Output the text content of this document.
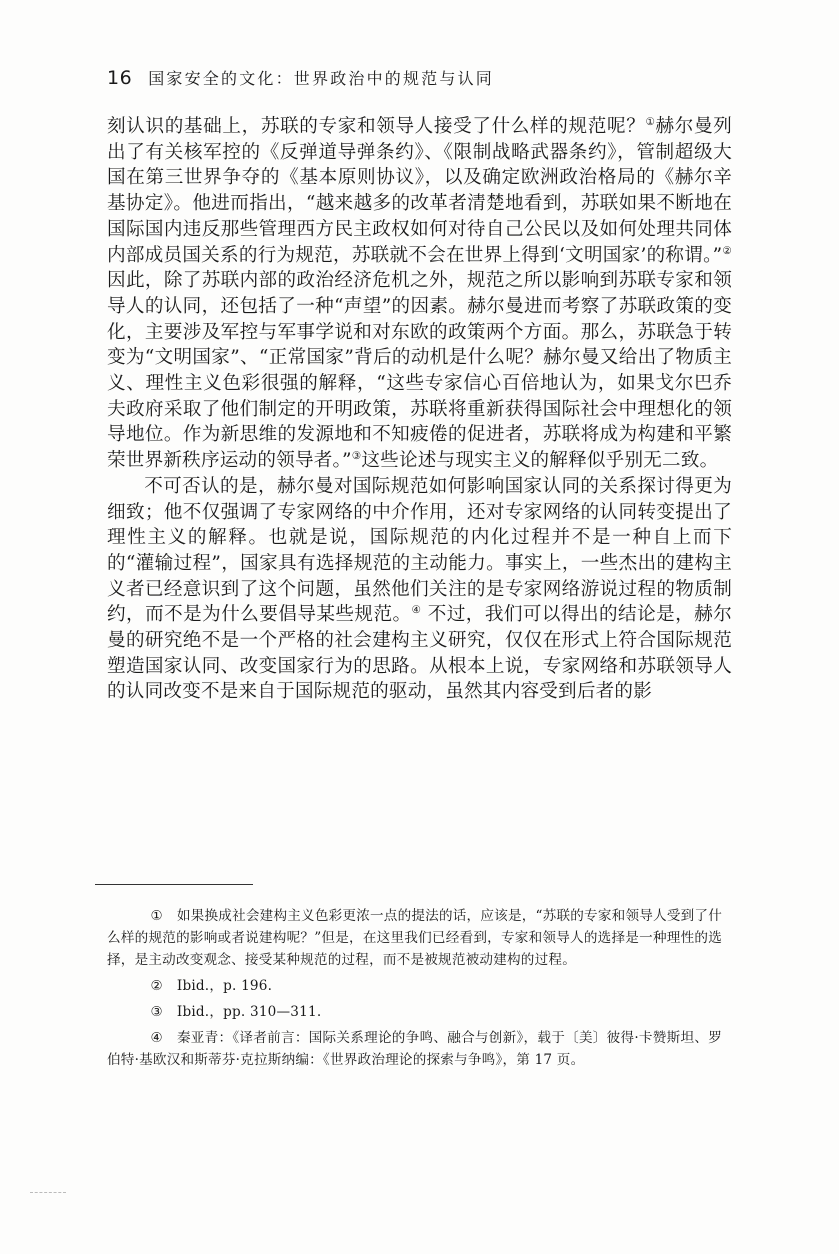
16 国家安全的文化：世界政治中的规范与认同

刻认识的基础上，苏联的专家和领导人接受了什么样的规范呢？①赫尔曼列出了有关核军控的《反弹道导弹条约》、《限制战略武器条约》，管制超级大国在第三世界争夺的《基本原则协议》，以及确定欧洲政治格局的《赫尔辛基协定》。他进而指出，“越来越多的改革者清楚地看到，苏联如果不断地在国际国内违反那些管理西方民主政权如何对待自己公民以及如何处理共同体内部成员国关系的行为规范，苏联就不会在世界上得到‘文明国家’的称谓。”②因此，除了苏联内部的政治经济危机之外，规范之所以影响到苏联专家和领导人的认同，还包括了一种“声望”的因素。赫尔曼进而考察了苏联政策的变化，主要涉及军控与军事学说和对东欧的政策两个方面。那么，苏联急于转变为“文明国家”、“正常国家”背后的动机是什么呢？赫尔曼又给出了物质主义、理性主义色彩很强的解释，“这些专家信心百倍地认为，如果戈尔巴乔夫政府采取了他们制定的开明政策，苏联将重新获得国际社会中理想化的领导地位。作为新思维的发源地和不知疲倦的促进者，苏联将成为构建和平繁荣世界新秩序运动的领导者。”③这些论述与现实主义的解释似乎别无二致。

不可否认的是，赫尔曼对国际规范如何影响国家认同的关系探讨得更为细致；他不仅强调了专家网络的中介作用，还对专家网络的认同转变提出了理性主义的解释。也就是说，国际规范的内化过程并不是一种自上而下的“灌输过程”，国家具有选择规范的主动能力。事实上，一些杰出的建构主义者已经意识到了这个问题，虽然他们关注的是专家网络游说过程的物质制约，而不是为什么要倡导某些规范。④ 不过，我们可以得出的结论是，赫尔曼的研究绝不是一个严格的社会建构主义研究，仅仅在形式上符合国际规范塑造国家认同、改变国家行为的思路。从根本上说，专家网络和苏联领导人的认同改变不是来自于国际规范的驱动，虽然其内容受到后者的影

① 如果换成社会建构主义色彩更浓一点的提法的话，应该是，“苏联的专家和领导人受到了什么样的规范的影响或者说建构呢？”但是，在这里我们已经看到，专家和领导人的选择是一种理性的选择，是主动改变观念、接受某种规范的过程，而不是被规范被动建构的过程。

② Ibid.，p. 196.

③ Ibid.，pp. 310—311.

④ 秦亚青：《译者前言：国际关系理论的争鸣、融合与创新》，载于〔美〕彼得·卡赞斯坦、罗伯特·基欧汉和斯蒂芬·克拉斯纳编：《世界政治理论的探索与争鸣》，第 17 页。
